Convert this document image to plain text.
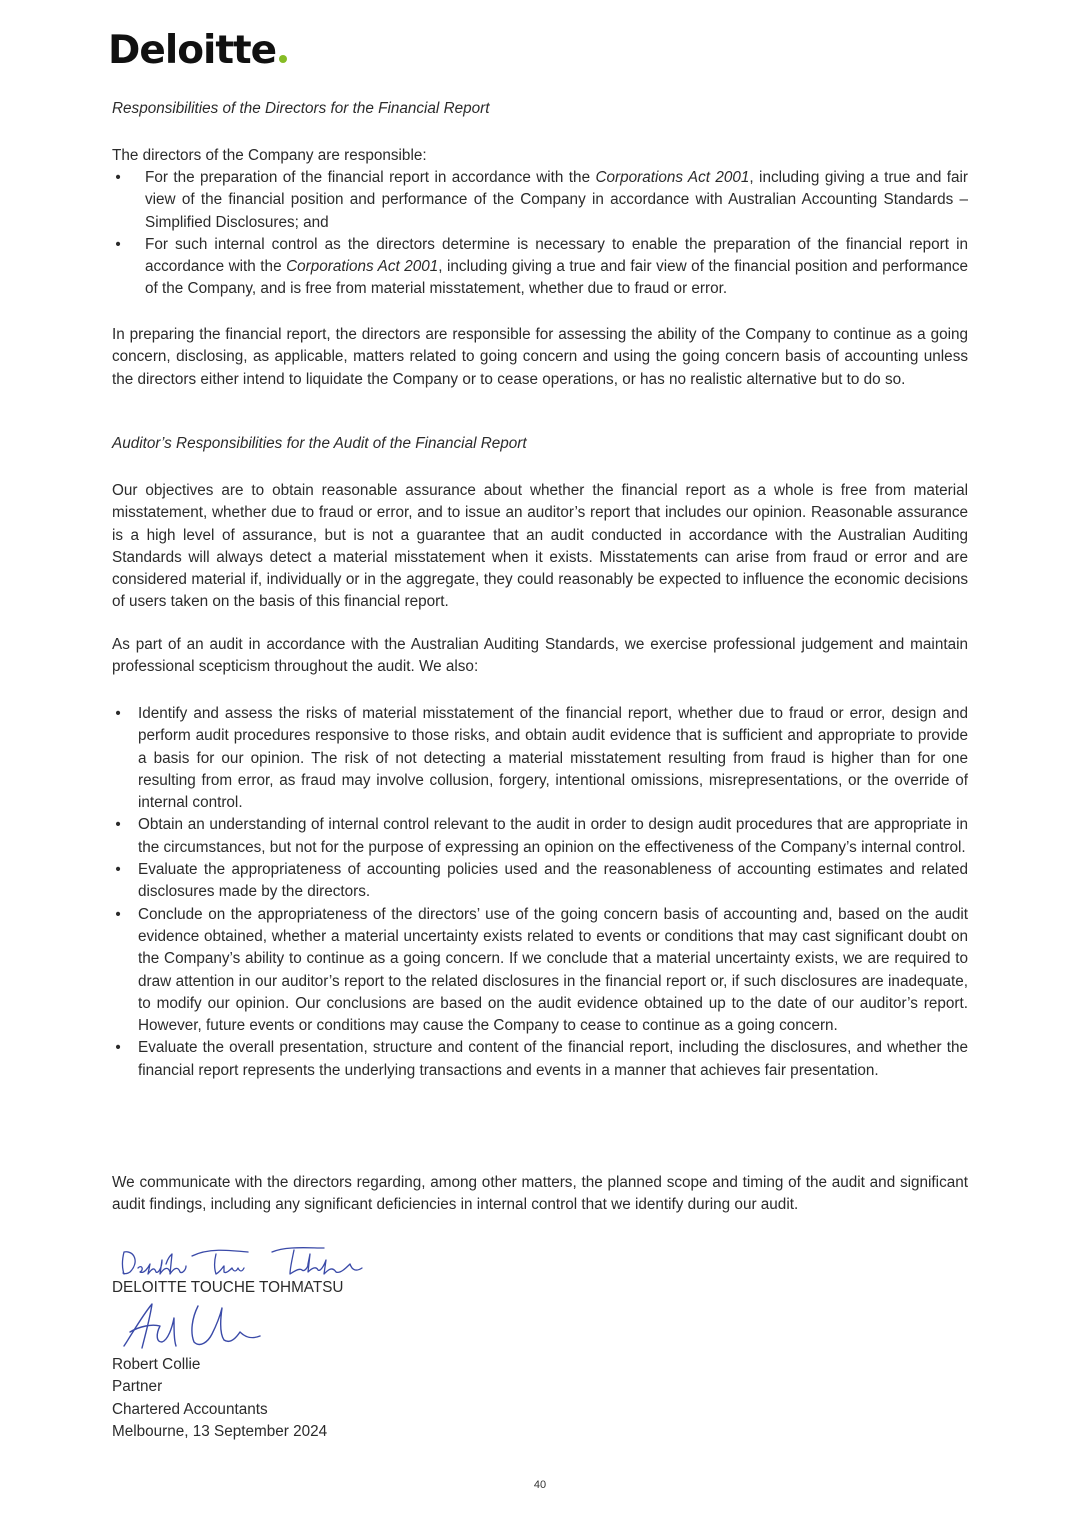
Deloitte
Responsibilities of the Directors for the Financial Report
The directors of the Company are responsible:
• For the preparation of the financial report in accordance with the Corporations Act 2001, including giving a true and fair view of the financial position and performance of the Company in accordance with Australian Accounting Standards – Simplified Disclosures; and
• For such internal control as the directors determine is necessary to enable the preparation of the financial report in accordance with the Corporations Act 2001, including giving a true and fair view of the financial position and performance of the Company, and is free from material misstatement, whether due to fraud or error.
In preparing the financial report, the directors are responsible for assessing the ability of the Company to continue as a going concern, disclosing, as applicable, matters related to going concern and using the going concern basis of accounting unless the directors either intend to liquidate the Company or to cease operations, or has no realistic alternative but to do so.
Auditor’s Responsibilities for the Audit of the Financial Report
Our objectives are to obtain reasonable assurance about whether the financial report as a whole is free from material misstatement, whether due to fraud or error, and to issue an auditor’s report that includes our opinion. Reasonable assurance is a high level of assurance, but is not a guarantee that an audit conducted in accordance with the Australian Auditing Standards will always detect a material misstatement when it exists. Misstatements can arise from fraud or error and are considered material if, individually or in the aggregate, they could reasonably be expected to influence the economic decisions of users taken on the basis of this financial report.
As part of an audit in accordance with the Australian Auditing Standards, we exercise professional judgement and maintain professional scepticism throughout the audit. We also:
• Identify and assess the risks of material misstatement of the financial report, whether due to fraud or error, design and perform audit procedures responsive to those risks, and obtain audit evidence that is sufficient and appropriate to provide a basis for our opinion. The risk of not detecting a material misstatement resulting from fraud is higher than for one resulting from error, as fraud may involve collusion, forgery, intentional omissions, misrepresentations, or the override of internal control.
• Obtain an understanding of internal control relevant to the audit in order to design audit procedures that are appropriate in the circumstances, but not for the purpose of expressing an opinion on the effectiveness of the Company’s internal control.
• Evaluate the appropriateness of accounting policies used and the reasonableness of accounting estimates and related disclosures made by the directors.
• Conclude on the appropriateness of the directors’ use of the going concern basis of accounting and, based on the audit evidence obtained, whether a material uncertainty exists related to events or conditions that may cast significant doubt on the Company’s ability to continue as a going concern. If we conclude that a material uncertainty exists, we are required to draw attention in our auditor’s report to the related disclosures in the financial report or, if such disclosures are inadequate, to modify our opinion. Our conclusions are based on the audit evidence obtained up to the date of our auditor’s report. However, future events or conditions may cause the Company to cease to continue as a going concern.
• Evaluate the overall presentation, structure and content of the financial report, including the disclosures, and whether the financial report represents the underlying transactions and events in a manner that achieves fair presentation.
We communicate with the directors regarding, among other matters, the planned scope and timing of the audit and significant audit findings, including any significant deficiencies in internal control that we identify during our audit.
DELOITTE TOUCHE TOHMATSU
Robert Collie
Partner
Chartered Accountants
Melbourne, 13 September 2024
40
